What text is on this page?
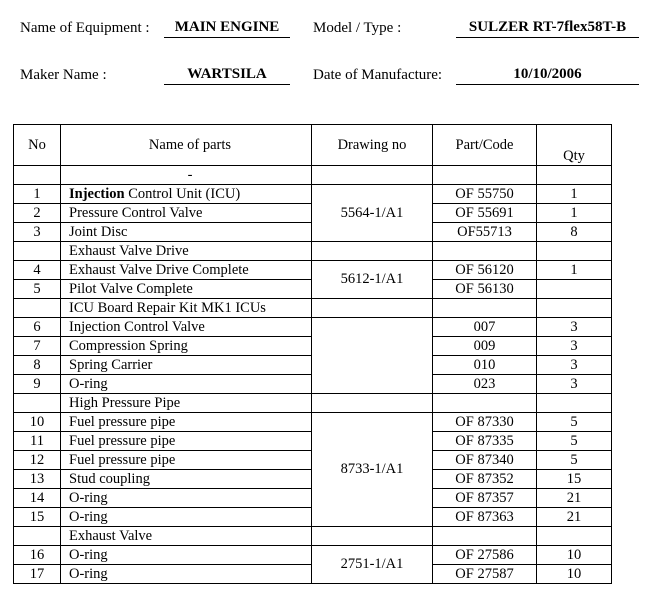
Name of Equipment :	MAIN ENGINE	Model / Type :	SULZER RT-7flex58T-B
Maker Name :	WARTSILA	Date of Manufacture:	10/10/2006
No	Name of parts	Drawing no	Part/Code	Qty
	-			
1	Injection Control Unit (ICU)	5564-1/A1	OF 55750	1
2	Pressure Control Valve		OF 55691	1
3	Joint Disc		OF55713	8
	Exhaust Valve Drive			
4	Exhaust Valve Drive Complete	5612-1/A1	OF 56120	1
5	Pilot Valve Complete		OF 56130	
	ICU Board Repair Kit MK1 ICUs			
6	Injection Control Valve		007	3
7	Compression Spring		009	3
8	Spring Carrier		010	3
9	O-ring		023	3
	High Pressure Pipe			
10	Fuel pressure pipe	8733-1/A1	OF 87330	5
11	Fuel pressure pipe		OF 87335	5
12	Fuel pressure pipe		OF 87340	5
13	Stud coupling		OF 87352	15
14	O-ring		OF 87357	21
15	O-ring		OF 87363	21
	Exhaust Valve			
16	O-ring	2751-1/A1	OF 27586	10
17	O-ring		OF 27587	10
